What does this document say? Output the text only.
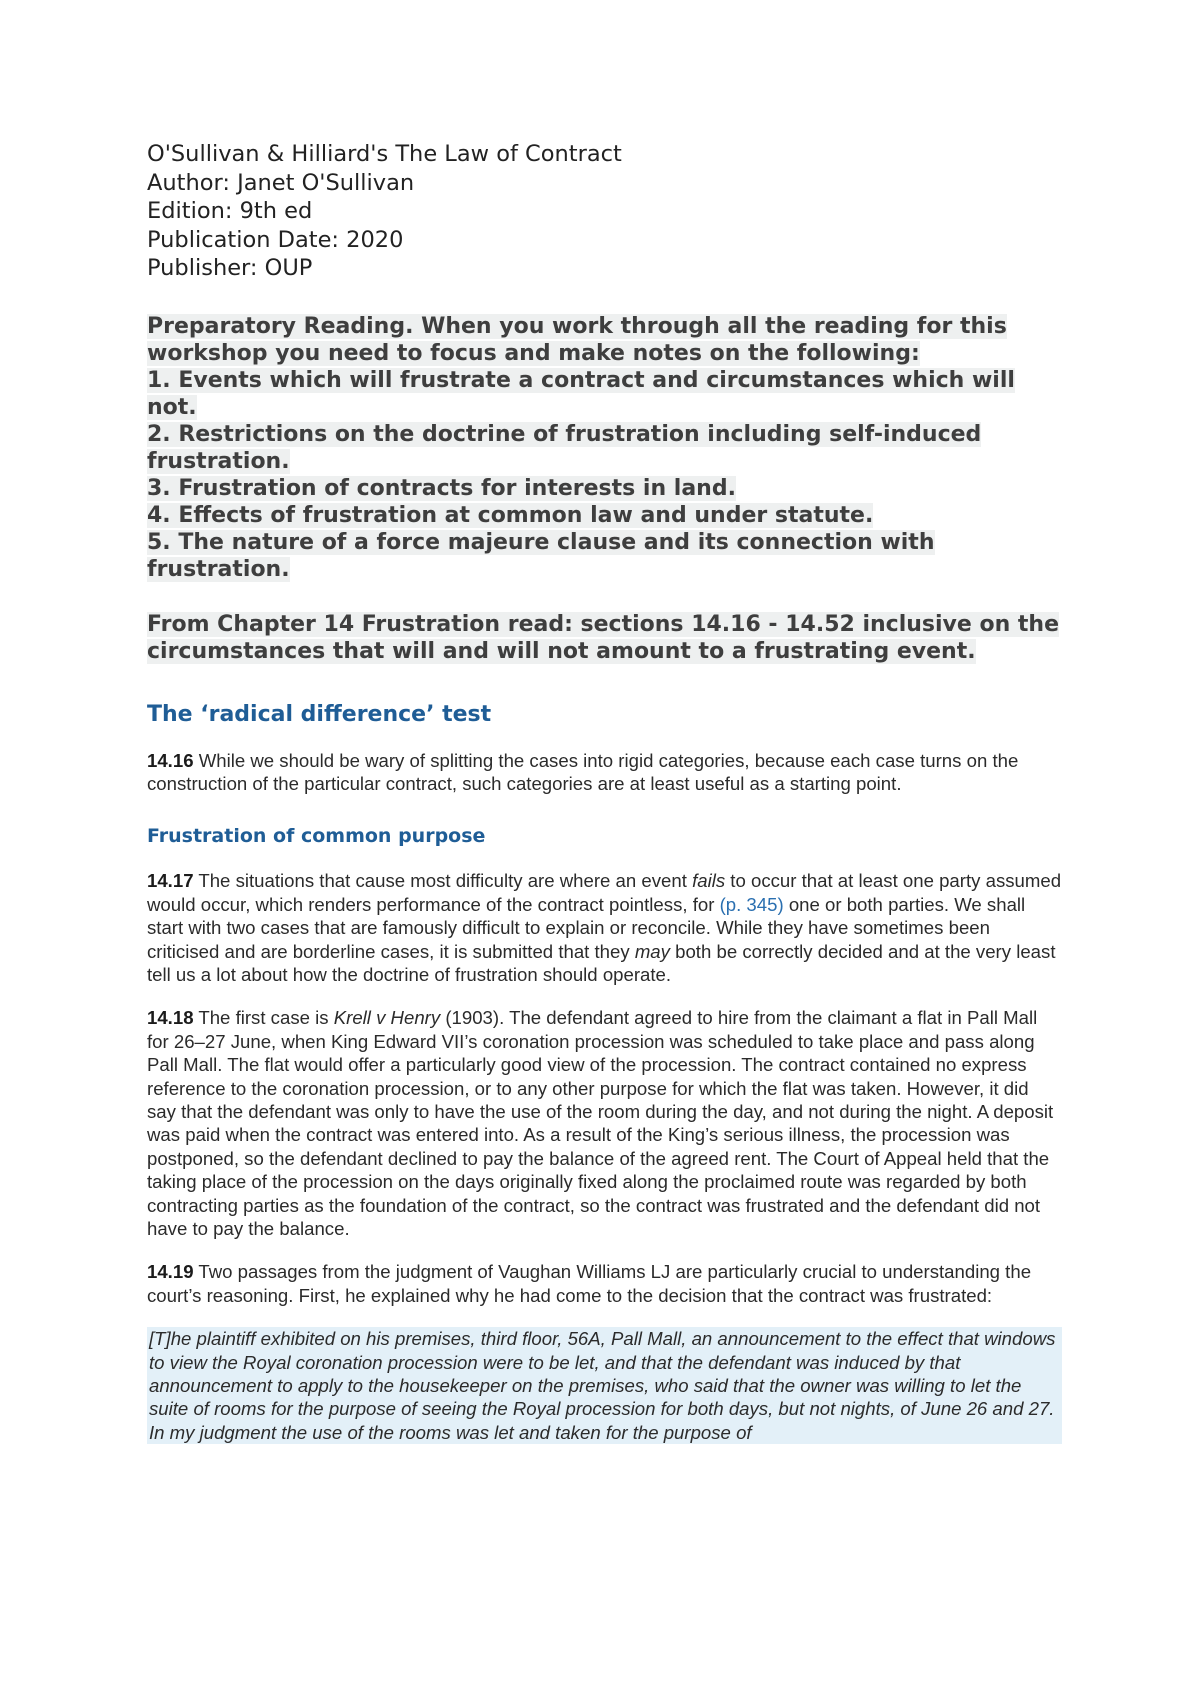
O'Sullivan & Hilliard's The Law of Contract

Author: Janet O'Sullivan

Edition: 9th ed

Publication Date: 2020

Publisher: OUP

Preparatory Reading. When you work through all the reading for this workshop you need to focus and make notes on the following:

1. Events which will frustrate a contract and circumstances which will not.

2. Restrictions on the doctrine of frustration including self-induced frustration.

3. Frustration of contracts for interests in land.

4. Effects of frustration at common law and under statute.

5. The nature of a force majeure clause and its connection with frustration.

From Chapter 14 Frustration read: sections 14.16 - 14.52 inclusive on the circumstances that will and will not amount to a frustrating event.

The ‘radical difference’ test

14.16 While we should be wary of splitting the cases into rigid categories, because each case turns on the construction of the particular contract, such categories are at least useful as a starting point.

Frustration of common purpose

14.17 The situations that cause most difficulty are where an event fails to occur that at least one party assumed would occur, which renders performance of the contract pointless, for (p. 345) one or both parties. We shall start with two cases that are famously difficult to explain or reconcile. While they have sometimes been criticised and are borderline cases, it is submitted that they may both be correctly decided and at the very least tell us a lot about how the doctrine of frustration should operate.

14.18 The first case is Krell v Henry (1903). The defendant agreed to hire from the claimant a flat in Pall Mall for 26–27 June, when King Edward VII’s coronation procession was scheduled to take place and pass along Pall Mall. The flat would offer a particularly good view of the procession. The contract contained no express reference to the coronation procession, or to any other purpose for which the flat was taken. However, it did say that the defendant was only to have the use of the room during the day, and not during the night. A deposit was paid when the contract was entered into. As a result of the King’s serious illness, the procession was postponed, so the defendant declined to pay the balance of the agreed rent. The Court of Appeal held that the taking place of the procession on the days originally fixed along the proclaimed route was regarded by both contracting parties as the foundation of the contract, so the contract was frustrated and the defendant did not have to pay the balance.

14.19 Two passages from the judgment of Vaughan Williams LJ are particularly crucial to understanding the court’s reasoning. First, he explained why he had come to the decision that the contract was frustrated:

[T]he plaintiff exhibited on his premises, third floor, 56A, Pall Mall, an announcement to the effect that windows to view the Royal coronation procession were to be let, and that the defendant was induced by that announcement to apply to the housekeeper on the premises, who said that the owner was willing to let the suite of rooms for the purpose of seeing the Royal procession for both days, but not nights, of June 26 and 27. In my judgment the use of the rooms was let and taken for the purpose of
